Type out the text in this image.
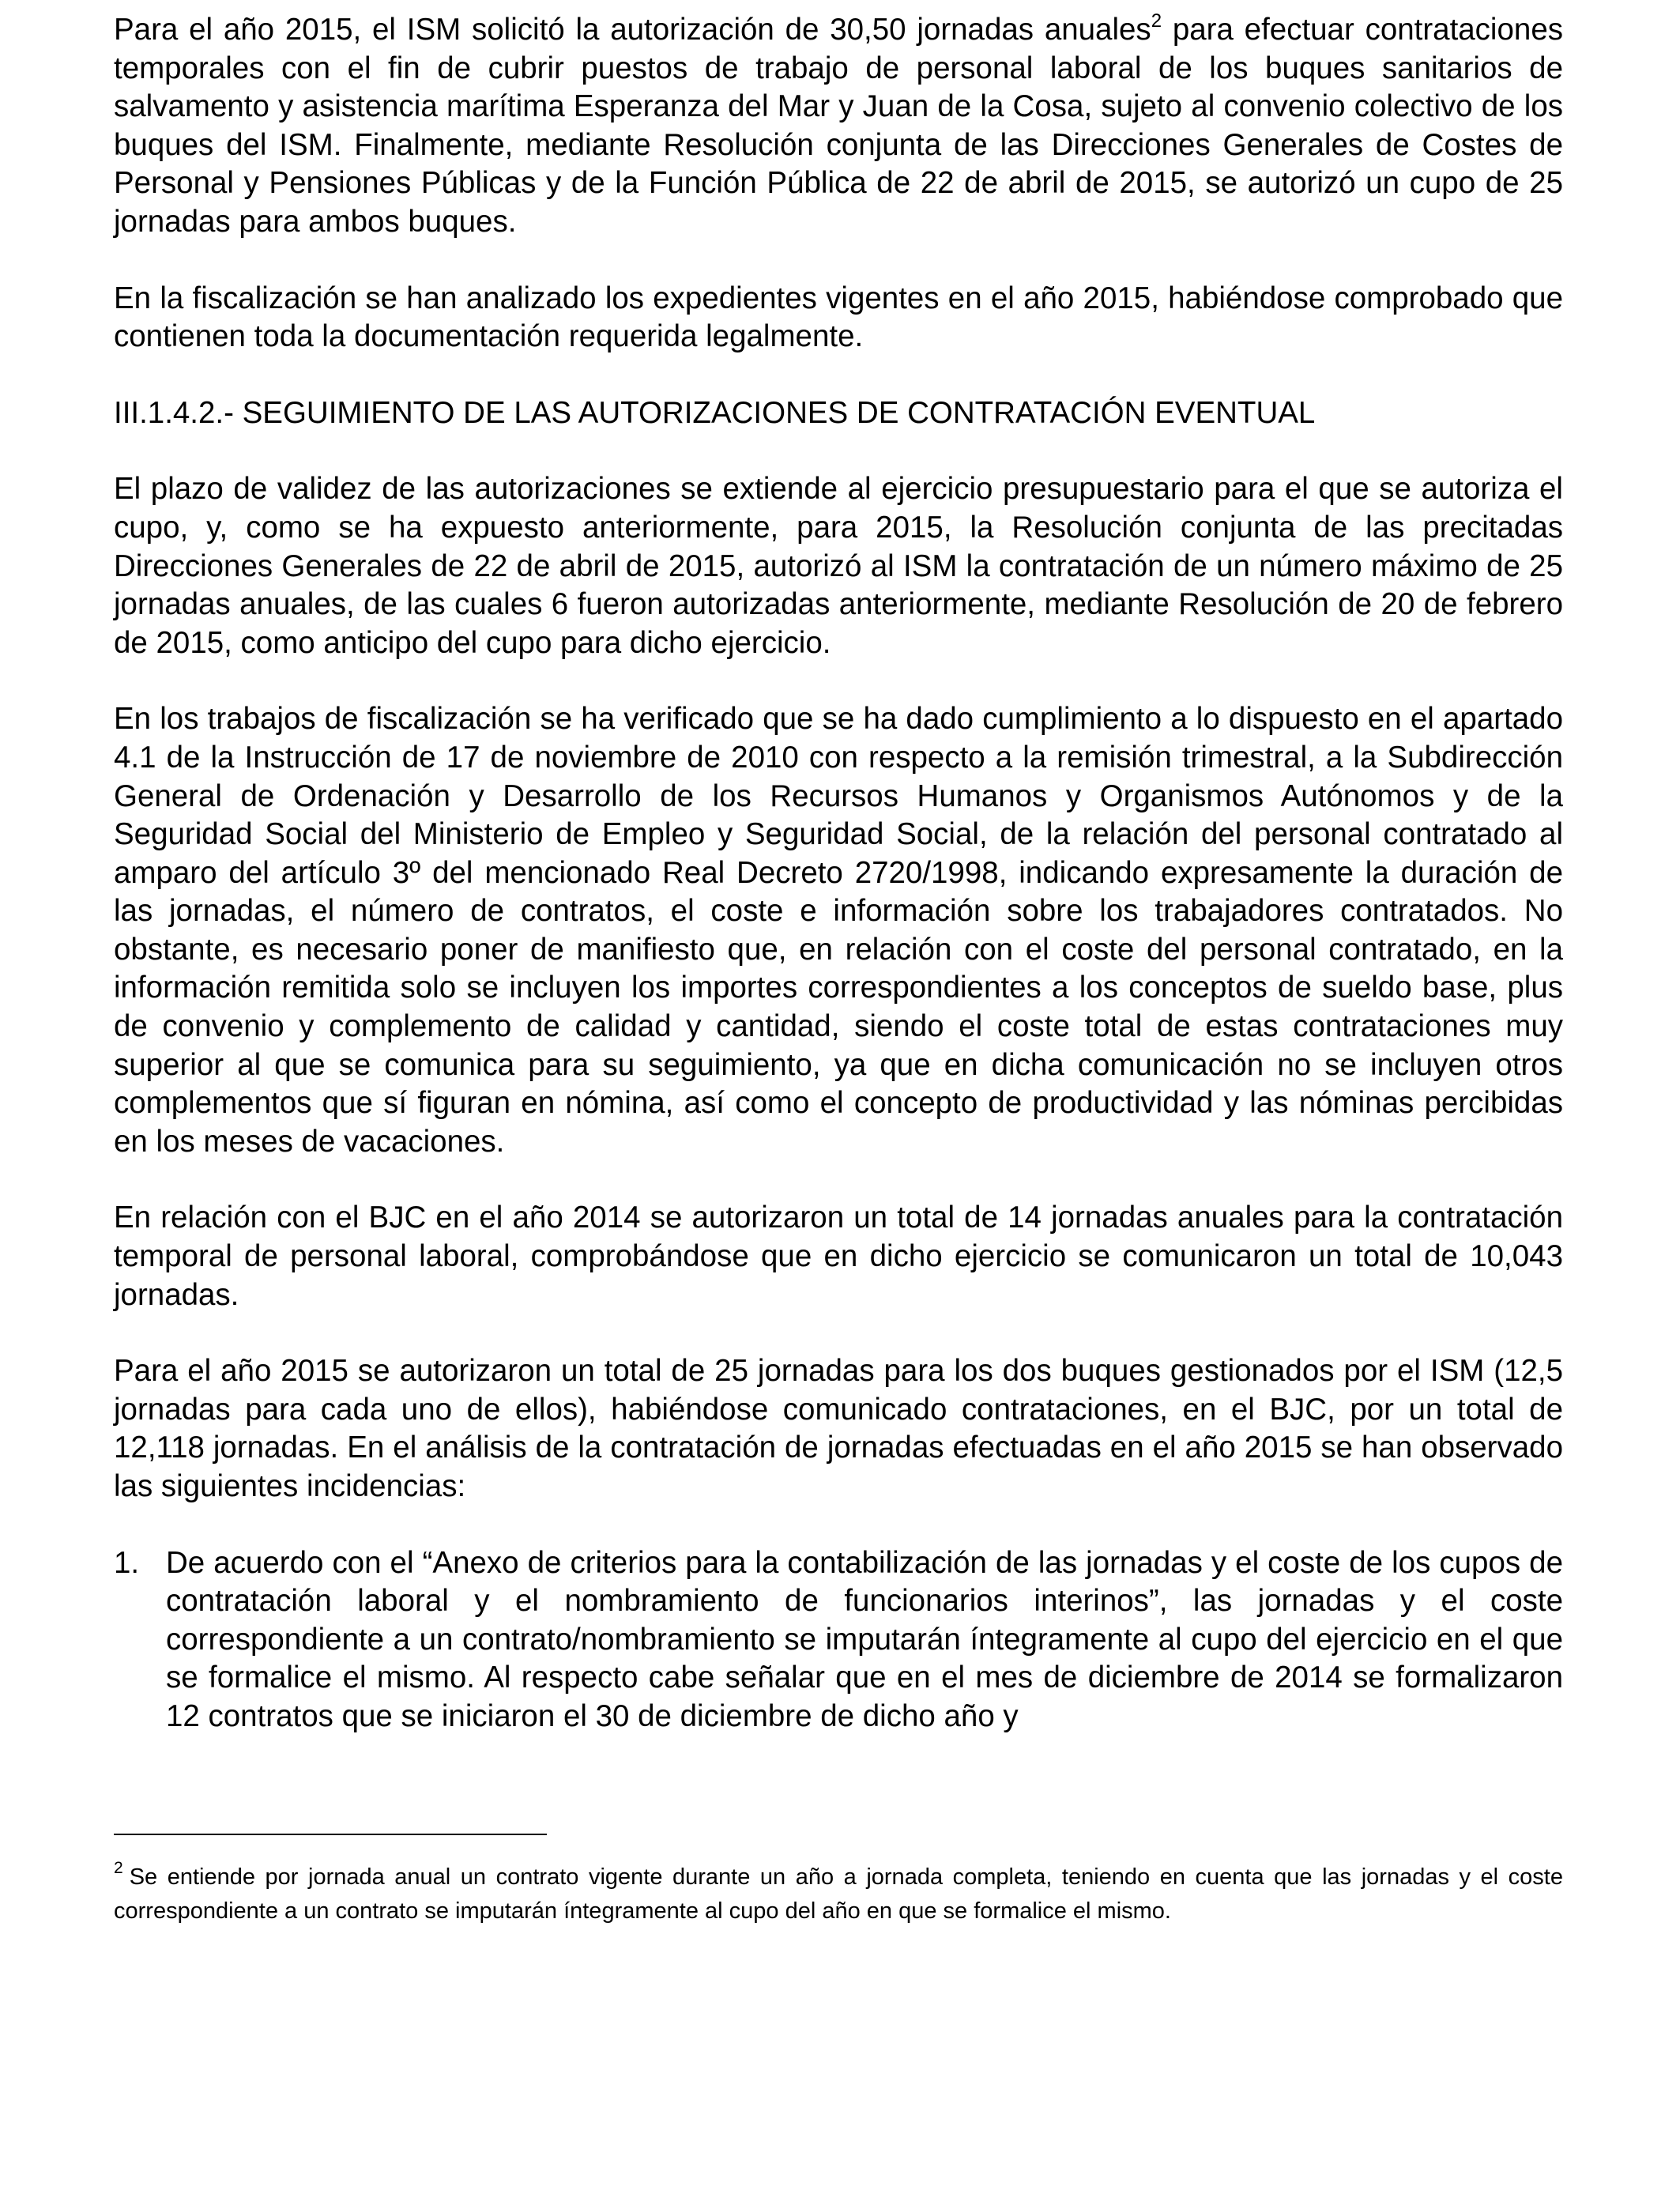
Para el año 2015, el ISM solicitó la autorización de 30,50 jornadas anuales$^2$ para efectuar contrataciones temporales con el fin de cubrir puestos de trabajo de personal laboral de los buques sanitarios de salvamento y asistencia marítima Esperanza del Mar y Juan de la Cosa, sujeto al convenio colectivo de los buques del ISM. Finalmente, mediante Resolución conjunta de las Direcciones Generales de Costes de Personal y Pensiones Públicas y de la Función Pública de 22 de abril de 2015, se autorizó un cupo de 25 jornadas para ambos buques.

En la fiscalización se han analizado los expedientes vigentes en el año 2015, habiéndose comprobado que contienen toda la documentación requerida legalmente.

III.1.4.2.- SEGUIMIENTO DE LAS AUTORIZACIONES DE CONTRATACIÓN EVENTUAL

El plazo de validez de las autorizaciones se extiende al ejercicio presupuestario para el que se autoriza el cupo, y, como se ha expuesto anteriormente, para 2015, la Resolución conjunta de las precitadas Direcciones Generales de 22 de abril de 2015, autorizó al ISM la contratación de un número máximo de 25 jornadas anuales, de las cuales 6 fueron autorizadas anteriormente, mediante Resolución de 20 de febrero de 2015, como anticipo del cupo para dicho ejercicio.

En los trabajos de fiscalización se ha verificado que se ha dado cumplimiento a lo dispuesto en el apartado 4.1 de la Instrucción de 17 de noviembre de 2010 con respecto a la remisión trimestral, a la Subdirección General de Ordenación y Desarrollo de los Recursos Humanos y Organismos Autónomos y de la Seguridad Social del Ministerio de Empleo y Seguridad Social, de la relación del personal contratado al amparo del artículo 3º del mencionado Real Decreto 2720/1998, indicando expresamente la duración de las jornadas, el número de contratos, el coste e información sobre los trabajadores contratados. No obstante, es necesario poner de manifiesto que, en relación con el coste del personal contratado, en la información remitida solo se incluyen los importes correspondientes a los conceptos de sueldo base, plus de convenio y complemento de calidad y cantidad, siendo el coste total de estas contrataciones muy superior al que se comunica para su seguimiento, ya que en dicha comunicación no se incluyen otros complementos que sí figuran en nómina, así como el concepto de productividad y las nóminas percibidas en los meses de vacaciones.

En relación con el BJC en el año 2014 se autorizaron un total de 14 jornadas anuales para la contratación temporal de personal laboral, comprobándose que en dicho ejercicio se comunicaron un total de 10,043 jornadas.

Para el año 2015 se autorizaron un total de 25 jornadas para los dos buques gestionados por el ISM (12,5 jornadas para cada uno de ellos), habiéndose comunicado contrataciones, en el BJC, por un total de 12,118 jornadas. En el análisis de la contratación de jornadas efectuadas en el año 2015 se han observado las siguientes incidencias:

1. De acuerdo con el “Anexo de criterios para la contabilización de las jornadas y el coste de los cupos de contratación laboral y el nombramiento de funcionarios interinos”, las jornadas y el coste correspondiente a un contrato/nombramiento se imputarán íntegramente al cupo del ejercicio en el que se formalice el mismo. Al respecto cabe señalar que en el mes de diciembre de 2014 se formalizaron 12 contratos que se iniciaron el 30 de diciembre de dicho año y

$^2$ Se entiende por jornada anual un contrato vigente durante un año a jornada completa, teniendo en cuenta que las jornadas y el coste correspondiente a un contrato se imputarán íntegramente al cupo del año en que se formalice el mismo.
